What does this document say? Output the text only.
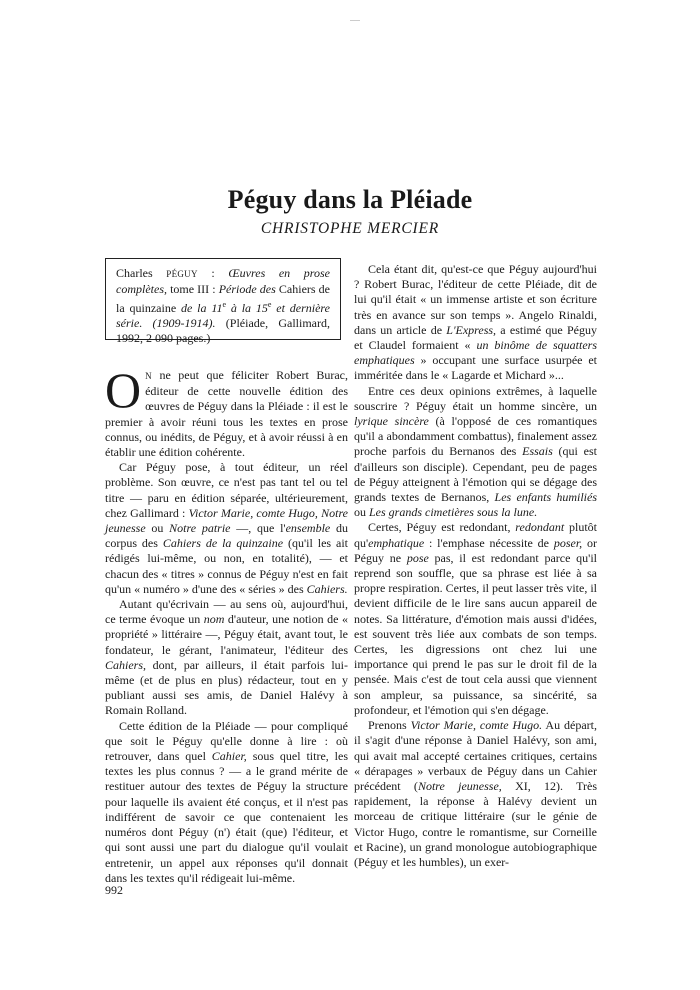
Péguy dans la Pléiade
CHRISTOPHE MERCIER
Charles PÉGUY : Œuvres en prose complètes, tome III : Période des Cahiers de la quinzaine de la 11e à la 15e et dernière série. (1909-1914). (Pléiade, Gallimard, 1992, 2 090 pages.)

ON ne peut que féliciter Robert Burac, éditeur de cette nouvelle édition des œuvres de Péguy dans la Pléiade : il est le premier à avoir réuni tous les textes en prose connus, ou inédits, de Péguy, et à avoir réussi à en établir une édition cohérente.

Car Péguy pose, à tout éditeur, un réel problème. Son œuvre, ce n'est pas tant tel ou tel titre — paru en édition séparée, ultérieurement, chez Gallimard : Victor Marie, comte Hugo, Notre jeunesse ou Notre patrie —, que l'ensemble du corpus des Cahiers de la quinzaine (qu'il les ait rédigés lui-même, ou non, en totalité), — et chacun des « titres » connus de Péguy n'est en fait qu'un « numéro » d'une des « séries » des Cahiers.

Autant qu'écrivain — au sens où, aujourd'hui, ce terme évoque un nom d'auteur, une notion de « propriété » littéraire —, Péguy était, avant tout, le fondateur, le gérant, l'animateur, l'éditeur des Cahiers, dont, par ailleurs, il était parfois lui-même (et de plus en plus) rédacteur, tout en y publiant aussi ses amis, de Daniel Halévy à Romain Rolland.

Cette édition de la Pléiade — pour compliqué que soit le Péguy qu'elle donne à lire : où retrouver, dans quel Cahier, sous quel titre, les textes les plus connus ? — a le grand mérite de restituer autour des textes de Péguy la structure pour laquelle ils avaient été conçus, et il n'est pas indifférent de savoir ce que contenaient les numéros dont Péguy (n') était (que) l'éditeur, et qui sont aussi une part du dialogue qu'il voulait entretenir, un appel aux réponses qu'il donnait dans les textes qu'il rédigeait lui-même.

Cela étant dit, qu'est-ce que Péguy aujourd'hui ? Robert Burac, l'éditeur de cette Pléiade, dit de lui qu'il était « un immense artiste et son écriture très en avance sur son temps ». Angelo Rinaldi, dans un article de L'Express, a estimé que Péguy et Claudel formaient « un binôme de squatters emphatiques » occupant une surface usurpée et imméritée dans le « Lagarde et Michard »...

Entre ces deux opinions extrêmes, à laquelle souscrire ? Péguy était un homme sincère, un lyrique sincère (à l'opposé de ces romantiques qu'il a abondamment combattus), finalement assez proche parfois du Bernanos des Essais (qui est d'ailleurs son disciple). Cependant, peu de pages de Péguy atteignent à l'émotion qui se dégage des grands textes de Bernanos, Les enfants humiliés ou Les grands cimetières sous la lune.

Certes, Péguy est redondant, redondant plutôt qu'emphatique : l'emphase nécessite de poser, or Péguy ne pose pas, il est redondant parce qu'il reprend son souffle, que sa phrase est liée à sa propre respiration. Certes, il peut lasser très vite, il devient difficile de le lire sans aucun appareil de notes. Sa littérature, d'émotion mais aussi d'idées, est souvent très liée aux combats de son temps. Certes, les digressions ont chez lui une importance qui prend le pas sur le droit fil de la pensée. Mais c'est de tout cela aussi que viennent son ampleur, sa puissance, sa sincérité, sa profondeur, et l'émotion qui s'en dégage.

Prenons Victor Marie, comte Hugo. Au départ, il s'agit d'une réponse à Daniel Halévy, son ami, qui avait mal accepté certaines critiques, certains « dérapages » verbaux de Péguy dans un Cahier précédent (Notre jeunesse, XI, 12). Très rapidement, la réponse à Halévy devient un morceau de critique littéraire (sur le génie de Victor Hugo, contre le romantisme, sur Corneille et Racine), un grand monologue autobiographique (Péguy et les humbles), un exer-

992
